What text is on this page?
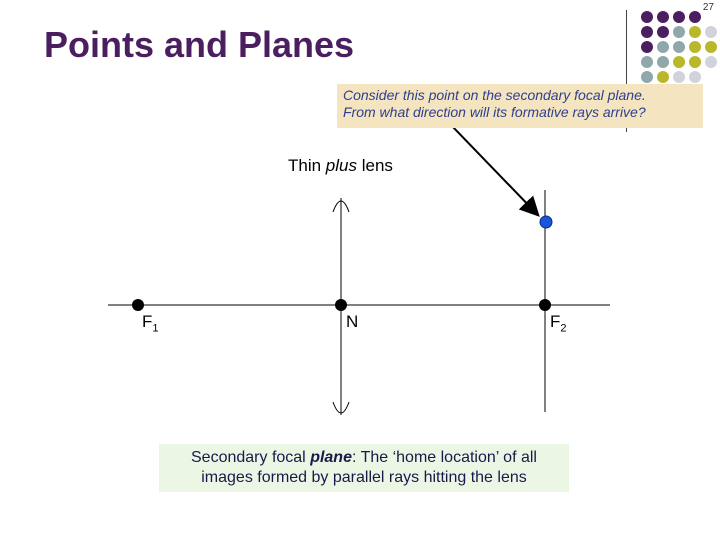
27
Points and Planes
Consider this point on the secondary focal plane.
From what direction will its formative rays arrive?
Thin plus lens
$F_1$	N	$F_2$
Secondary focal plane: The ‘home location’ of all
images formed by parallel rays hitting the lens
